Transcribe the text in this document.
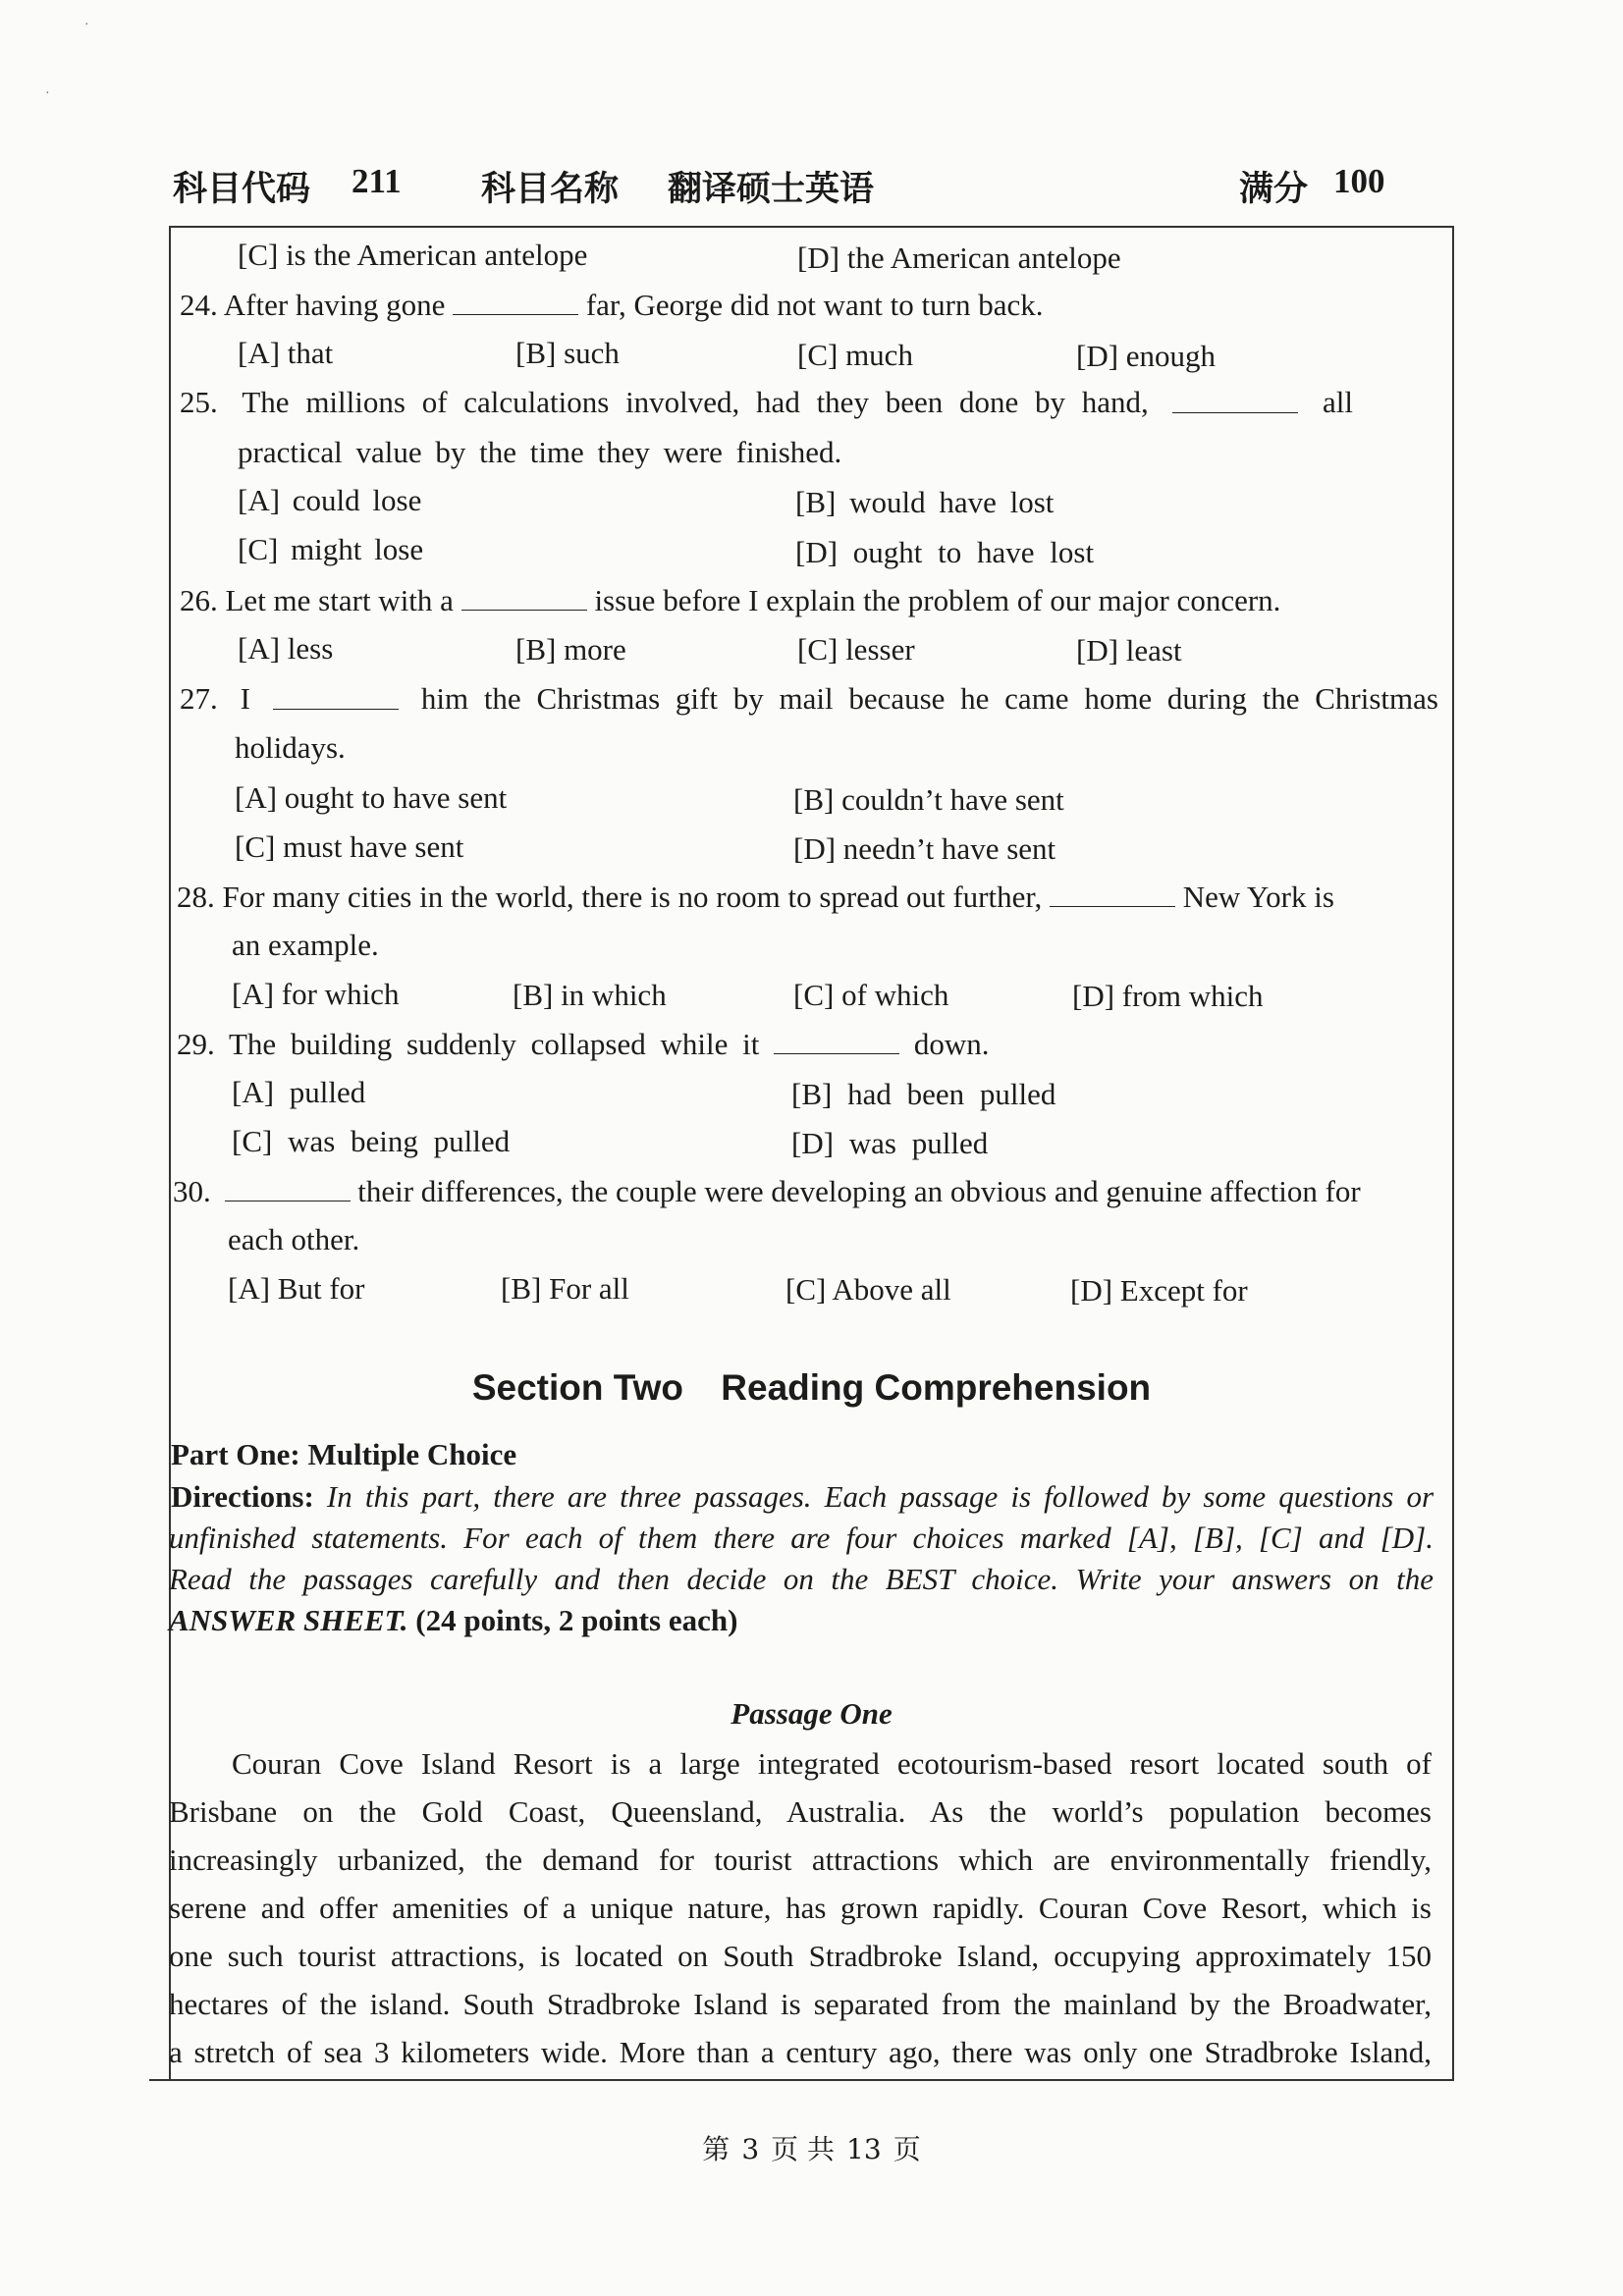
科目代码 211 科目名称 翻译硕士英语	满分 100
[C] is the American antelope	[D] the American antelope
24. After having gone	far, George did not want to turn back.
[A] that	[B] such	[C] much	[D] enough
25. The millions of calculations involved, had they been done by hand,	all
practical value by the time they were finished.
[A] could lose	[B] would have lost
[C] might lose	[D] ought to have lost
26. Let me start with a	issue before I explain the problem of our major concern.
[A] less	[B] more	[C] lesser	[D] least
27. I	him the Christmas gift by mail because he came home during the Christmas
holidays.
[A] ought to have sent	[B] couldn’t have sent
[C] must have sent	[D] needn’t have sent
28. For many cities in the world, there is no room to spread out further,	New York is
an example.
[A] for which	[B] in which	[C] of which	[D] from which
29. The building suddenly collapsed while it	down.
[A] pulled	[B] had been pulled
[C] was being pulled	[D] was pulled
30.	their differences, the couple were developing an obvious and genuine affection for
each other.
[A] But for	[B] For all	[C] Above all	[D] Except for
Section Two Reading Comprehension
Part One: Multiple Choice
Directions: In this part, there are three passages. Each passage is followed by some questions or
unfinished statements. For each of them there are four choices marked [A], [B], [C] and [D].
Read the passages carefully and then decide on the BEST choice. Write your answers on the
ANSWER SHEET. (24 points, 2 points each)
Passage One
Couran Cove Island Resort is a large integrated ecotourism-based resort located south of
Brisbane on the Gold Coast, Queensland, Australia. As the world’s population becomes
increasingly urbanized, the demand for tourist attractions which are environmentally friendly,
serene and offer amenities of a unique nature, has grown rapidly. Couran Cove Resort, which is
one such tourist attractions, is located on South Stradbroke Island, occupying approximately 150
hectares of the island. South Stradbroke Island is separated from the mainland by the Broadwater,
a stretch of sea 3 kilometers wide. More than a century ago, there was only one Stradbroke Island,
第 3 页 共 13 页
·
·
